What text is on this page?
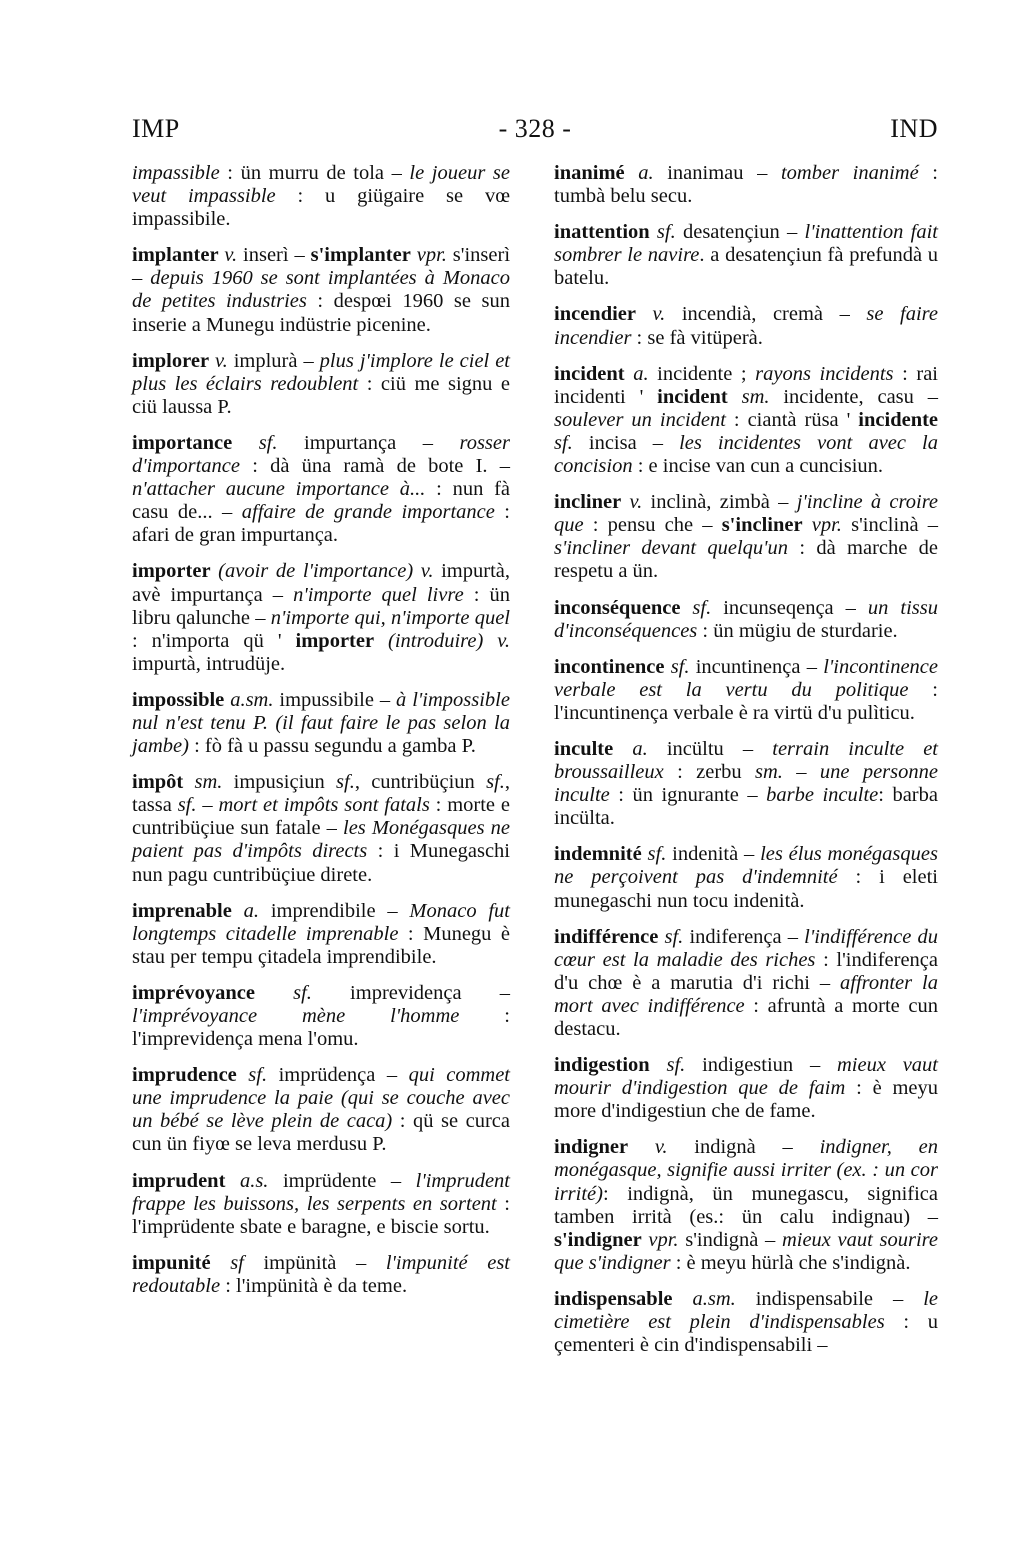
IMP	- 328 -	IND

impassible : ün murru de tola – le joueur se veut impassible : u giügaire se vœ impassibile.

implanter v. inserì – s'implanter vpr. s'inserì – depuis 1960 se sont implantées à Monaco de petites industries : despœi 1960 se sun inserie a Munegu indüstrie picenine.

implorer v. implurà – plus j'implore le ciel et plus les éclairs redoublent : ciü me signu e ciü laussa P.

importance sf. impurtança – rosser d'importance : dà üna ramà de bote I. – n'attacher aucune importance à... : nun fà casu de... – affaire de grande importance : afari de gran impurtança.

importer (avoir de l'importance) v. impurtà, avè impurtança – n'importe quel livre : ün libru qalunche – n'importe qui, n'importe quel : n'importa qü ' importer (introduire) v. impurtà, intrudüje.

impossible a.sm. impussibile – à l'impossible nul n'est tenu P. (il faut faire le pas selon la jambe) : fò fà u passu segundu a gamba P.

impôt sm. impusiçiun sf., cuntribüçiun sf., tassa sf. – mort et impôts sont fatals : morte e cuntribüçiue sun fatale – les Monégasques ne paient pas d'impôts directs : i Munegaschi nun pagu cuntribüçiue direte.

imprenable a. imprendibile – Monaco fut longtemps citadelle imprenable : Munegu è stau per tempu çitadela imprendibile.

imprévoyance sf. imprevidença – l'imprévoyance mène l'homme : l'imprevidença mena l'omu.

imprudence sf. imprüdença – qui commet une imprudence la paie (qui se couche avec un bébé se lève plein de caca) : qü se curca cun ün fiyœ se leva merdusu P.

imprudent a.s. imprüdente – l'imprudent frappe les buissons, les serpents en sortent : l'imprüdente sbate e baragne, e biscie sortu.

impunité sf impünità – l'impunité est redoutable : l'impünità è da teme.

inanimé a. inanimau – tomber inanimé : tumbà belu secu.

inattention sf. desatençiun – l'inattention fait sombrer le navire. a desatençiun fà prefundà u batelu.

incendier v. incendià, cremà – se faire incendier : se fà vitüperà.

incident a. incidente ; rayons incidents : rai incidenti ' incident sm. incidente, casu – soulever un incident : ciantà rüsa ' incidente sf. incisa – les incidentes vont avec la concision : e incise van cun a cuncisiun.

incliner v. inclinà, zimbà – j'incline à croire que : pensu che – s'incliner vpr. s'inclinà – s'incliner devant quelqu'un : dà marche de respetu a ün.

inconséquence sf. incunseqença – un tissu d'inconséquences : ün mügiu de sturdarie.

incontinence sf. incuntinença – l'incontinence verbale est la vertu du politique : l'incuntinença verbale è ra virtü d'u pulìticu.

inculte a. incültu – terrain inculte et broussailleux : zerbu sm. – une personne inculte : ün ignurante – barbe inculte: barba incülta.

indemnité sf. indenità – les élus monégasques ne perçoivent pas d'indemnité : i eleti munegaschi nun tocu indenità.

indifférence sf. indiferença – l'indifférence du cœur est la maladie des riches : l'indiferença d'u chœ è a marutia d'i richi – affronter la mort avec indifférence : afruntà a morte cun destacu.

indigestion sf. indigestiun – mieux vaut mourir d'indigestion que de faim : è meyu more d'indigestiun che de fame.

indigner v. indignà – indigner, en monégasque, signifie aussi irriter (ex. : un cor irrité): indignà, ün munegascu, significa tamben irrità (es.: ün calu indignau) – s'indigner vpr. s'indignà – mieux vaut sourire que s'indigner : è meyu hürlà che s'indignà.

indispensable a.sm. indispensabile – le cimetière est plein d'indispensables : u çementeri è cin d'indispensabili –
